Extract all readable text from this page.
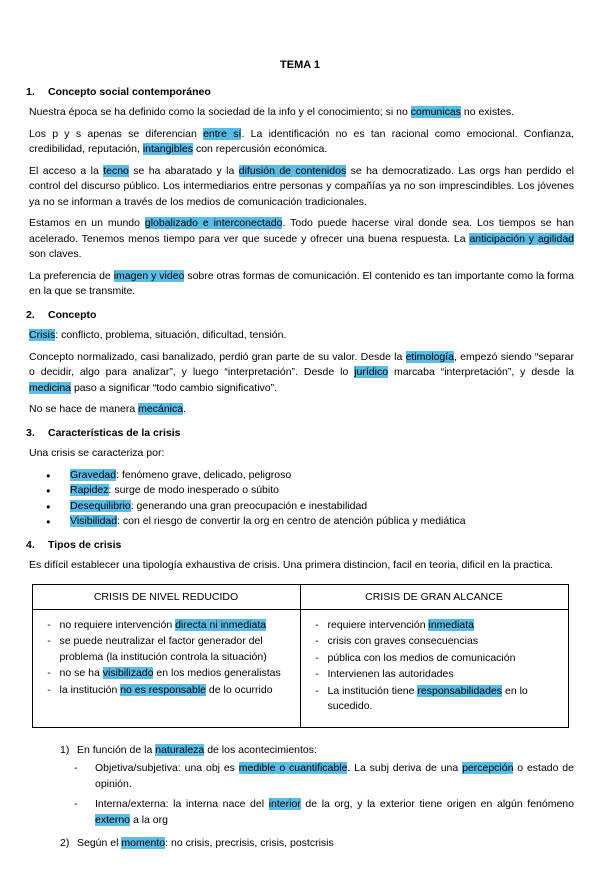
TEMA 1
1.	Concepto social contemporáneo

Nuestra época se ha definido como la sociedad de la info y el conocimiento; si no comunicas no existes.

Los p y s apenas se diferencian entre sí. La identificación no es tan racional como emocional. Confianza, credibilidad, reputación, intangibles con repercusión económica.

El acceso a la tecno se ha abaratado y la difusión de contenidos se ha democratizado. Las orgs han perdido el control del discurso público. Los intermediarios entre personas y compañías ya no son imprescindibles. Los jóvenes ya no se informan a través de los medios de comunicación tradicionales.

Estamos en un mundo globalizado e interconectado. Todo puede hacerse viral donde sea. Los tiempos se han acelerado. Tenemos menos tiempo para ver que sucede y ofrecer una buena respuesta. La anticipación y agilidad son claves.

La preferencia de imagen y video sobre otras formas de comunicación. El contenido es tan importante como la forma en la que se transmite.

2.	Concepto

Crisis: conflicto, problema, situación, dificultad, tensión.

Concepto normalizado, casi banalizado, perdió gran parte de su valor. Desde la etimología, empezó siendo “separar o decidir, algo para analizar”, y luego “interpretación”. Desde lo jurídico marcaba “interpretación”, y desde la medicina paso a significar “todo cambio significativo”.

No se hace de manera mecánica.

3.	Características de la crisis

Una crisis se caracteriza por:

●	Gravedad: fenómeno grave, delicado, peligroso
●	Rapidez: surge de modo inesperado o súbito
●	Desequilibrio: generando una gran preocupación e inestabilidad
●	Visibilidad: con el riesgo de convertir la org en centro de atención pública y mediática
4.	Tipos de crisis

Es difícil establecer una tipología exhaustiva de crisis. Una primera distincion, facil en teoria, dificil en la practica.

CRISIS DE NIVEL REDUCIDO	CRISIS DE GRAN ALCANCE

- no requiere intervención directa ni inmediata
- se puede neutralizar el factor generador del problema (la institución controla la situación)
- no se ha visibilizado en los medios generalistas
- la institución no es responsable de lo ocurrido

- requiere intervención inmediata
- crisis con graves consecuencias
- pública con los medios de comunicación
- Intervienen las autoridades
- La institución tiene responsabilidades en lo sucedido.
1) En función de la naturaleza de los acontecimientos:
-	Objetiva/subjetiva: una obj es medible o cuantificable. La subj deriva de una percepción o estado de opinión.
-	Interna/externa: la interna nace del interior de la org, y la exterior tiene origen en algún fenómeno externo a la org
2) Según el momento: no crisis, precrisis, crisis, postcrisis
